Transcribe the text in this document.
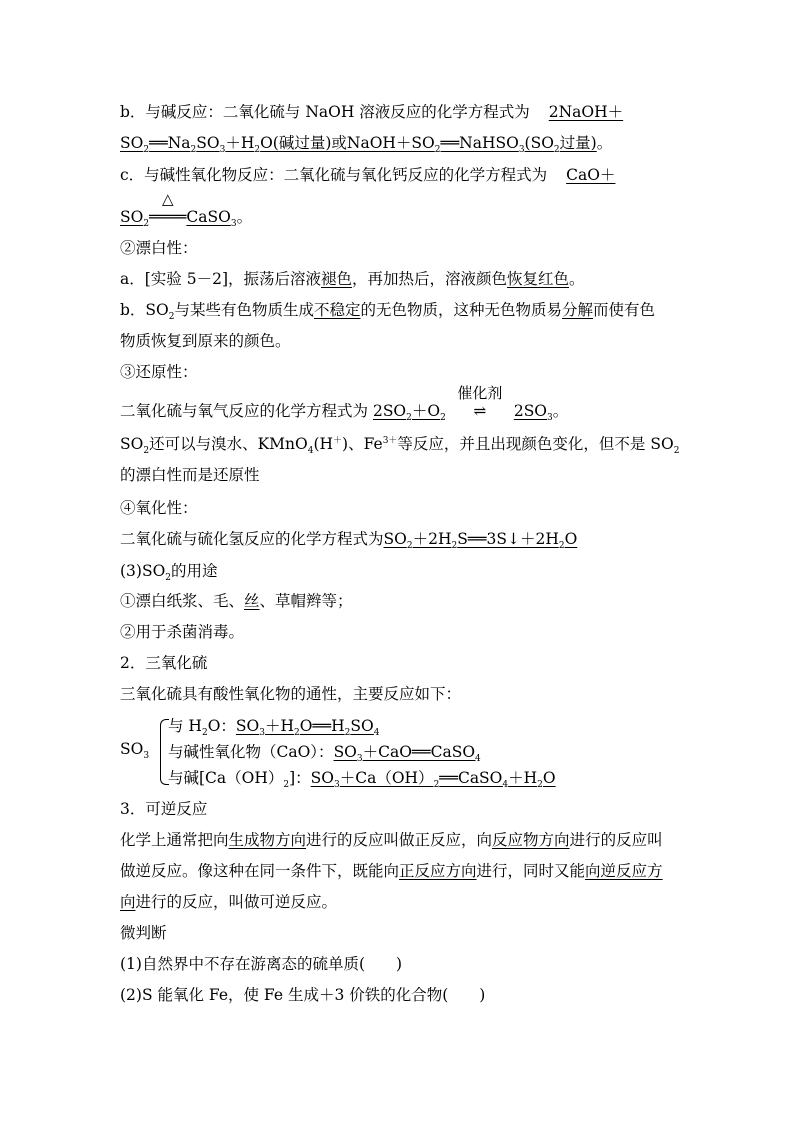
b．与碱反应：二氧化硫与 NaOH 溶液反应的化学方程式为 2NaOH＋
$SO_2══Na_2SO_3+H_2O$(碱过量)或$NaOH+SO_2══NaHSO_3(SO_2$过量)。
c．与碱性氧化物反应：二氧化硫与氧化钙反应的化学方程式为 CaO＋
$SO_2$
△
════CaSO$_3$。
②漂白性：
a．[实验 5－2]，振荡后溶液褪色，再加热后，溶液颜色恢复红色。
b．$SO_2$与某些有色物质生成不稳定的无色物质，这种无色物质易分解而使有色
物质恢复到原来的颜色。
③还原性：
二氧化硫与氧气反应的化学方程式为 $2SO_2+O_2$
催化剂
⇌ $2SO_3$。
$SO_2$还可以与溴水、KMnO$_4$(H＋)、$Fe^{3+}$等反应，并且出现颜色变化，但不是 $SO_2$
的漂白性而是还原性
④氧化性：
二氧化硫与硫化氢反应的化学方程式为$SO_2+2H_2S══3S↓+2H_2O$
$(3)SO_2$的用途
①漂白纸浆、毛、丝、草帽辫等；
②用于杀菌消毒。
2．三氧化硫
三氧化硫具有酸性氧化物的通性，主要反应如下：
$SO_3$
与 $H_2O$：$SO_3+H_2O══H_2SO_4$
与碱性氧化物（CaO）：$SO_3+CaO══CaSO_4$
与碱$[Ca(OH)_2]$：$SO_3+Ca(OH)_2══CaSO_4+H_2O$
3．可逆反应
化学上通常把向生成物方向进行的反应叫做正反应，向反应物方向进行的反应叫
做逆反应。像这种在同一条件下，既能向正反应方向进行，同时又能向逆反应方
向进行的反应，叫做可逆反应。
微判断
(1)自然界中不存在游离态的硫单质(　　)
(2)S 能氧化 Fe，使 Fe 生成＋3 价铁的化合物(　　)
